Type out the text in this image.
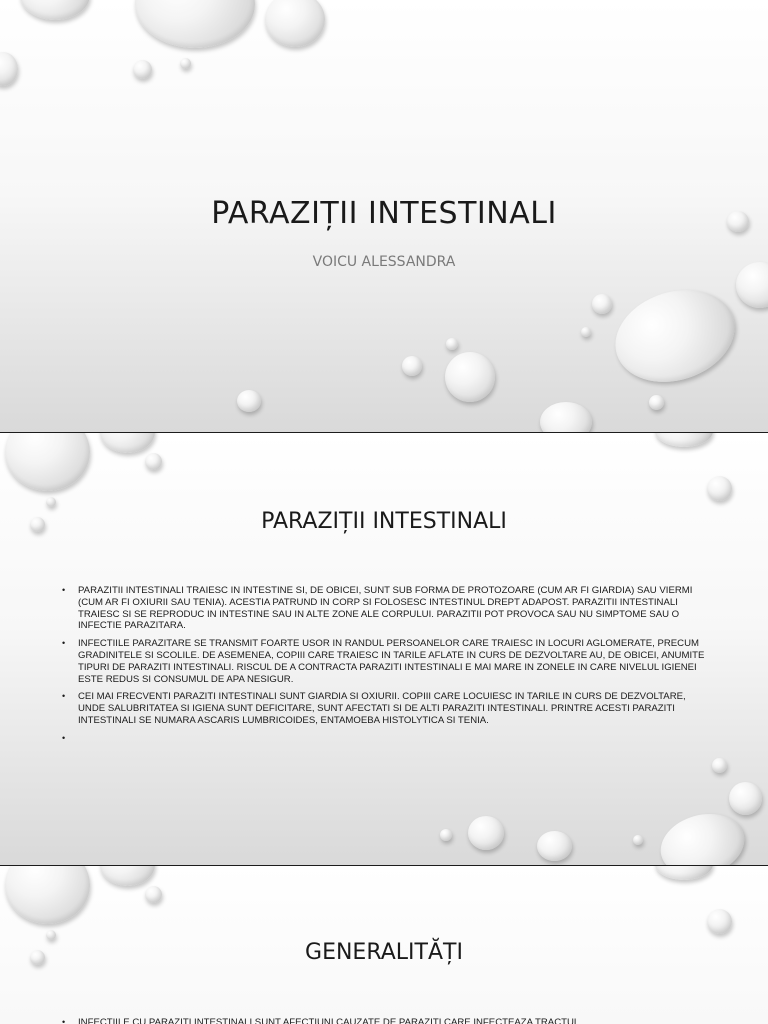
PARAZIȚII INTESTINALI
VOICU ALESSANDRA
PARAZIȚII INTESTINALI
• PARAZITII INTESTINALI TRAIESC IN INTESTINE SI, DE OBICEI, SUNT SUB FORMA DE PROTOZOARE (CUM AR FI GIARDIA) SAU VIERMI (CUM AR FI OXIURII SAU TENIA). ACESTIA PATRUND IN CORP SI FOLOSESC INTESTINUL DREPT ADAPOST. PARAZITII INTESTINALI TRAIESC SI SE REPRODUC IN INTESTINE SAU IN ALTE ZONE ALE CORPULUI. PARAZITII POT PROVOCA SAU NU SIMPTOME SAU O INFECTIE PARAZITARA.
• INFECTIILE PARAZITARE SE TRANSMIT FOARTE USOR IN RANDUL PERSOANELOR CARE TRAIESC IN LOCURI AGLOMERATE, PRECUM GRADINITELE SI SCOLILE. DE ASEMENEA, COPIII CARE TRAIESC IN TARILE AFLATE IN CURS DE DEZVOLTARE AU, DE OBICEI, ANUMITE TIPURI DE PARAZITI INTESTINALI. RISCUL DE A CONTRACTA PARAZITI INTESTINALI E MAI MARE IN ZONELE IN CARE NIVELUL IGIENEI ESTE REDUS SI CONSUMUL DE APA NESIGUR.
• CEI MAI FRECVENTI PARAZITI INTESTINALI SUNT GIARDIA SI OXIURII. COPIII CARE LOCUIESC IN TARILE IN CURS DE DEZVOLTARE, UNDE SALUBRITATEA SI IGIENA SUNT DEFICITARE, SUNT AFECTATI SI DE ALTI PARAZITI INTESTINALI. PRINTRE ACESTI PARAZITI INTESTINALI SE NUMARA ASCARIS LUMBRICOIDES, ENTAMOEBA HISTOLYTICA SI TENIA.
•
GENERALITĂȚI
• INFECTIILE CU PARAZITI INTESTINALI SUNT AFECTIUNI CAUZATE DE PARAZITI CARE INFECTEAZA TRACTUL
